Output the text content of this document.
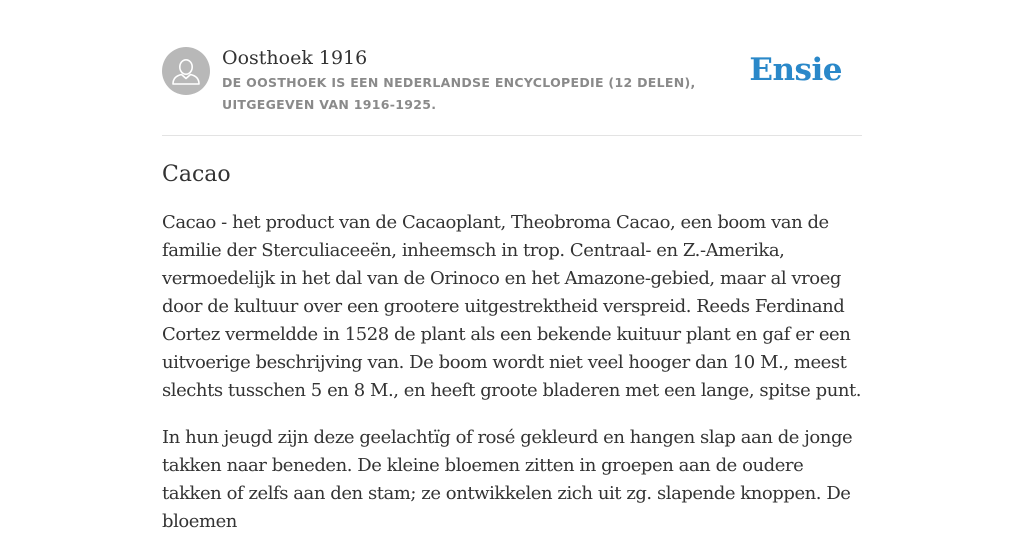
Oosthoek 1916

DE OOSTHOEK IS EEN NEDERLANDSE ENCYCLOPEDIE (12 DELEN), UITGEGEVEN VAN 1916-1925.

Ensie
Cacao

Cacao - het product van de Cacaoplant, Theobroma Cacao, een boom van de familie der Sterculiaceeën, inheemsch in trop. Centraal- en Z.-Amerika, vermoedelijk in het dal van de Orinoco en het Amazone-gebied, maar al vroeg door de kultuur over een grootere uitgestrektheid verspreid. Reeds Ferdinand Cortez vermeldde in 1528 de plant als een bekende kuituur plant en gaf er een uitvoerige beschrijving van. De boom wordt niet veel hooger dan 10 M., meest slechts tusschen 5 en 8 M., en heeft groote bladeren met een lange, spitse punt.

In hun jeugd zijn deze geelachtïg of rosé gekleurd en hangen slap aan de jonge takken naar beneden. De kleine bloemen zitten in groepen aan de oudere takken of zelfs aan den stam; ze ontwikkelen zich uit zg. slapende knoppen. De bloemen
